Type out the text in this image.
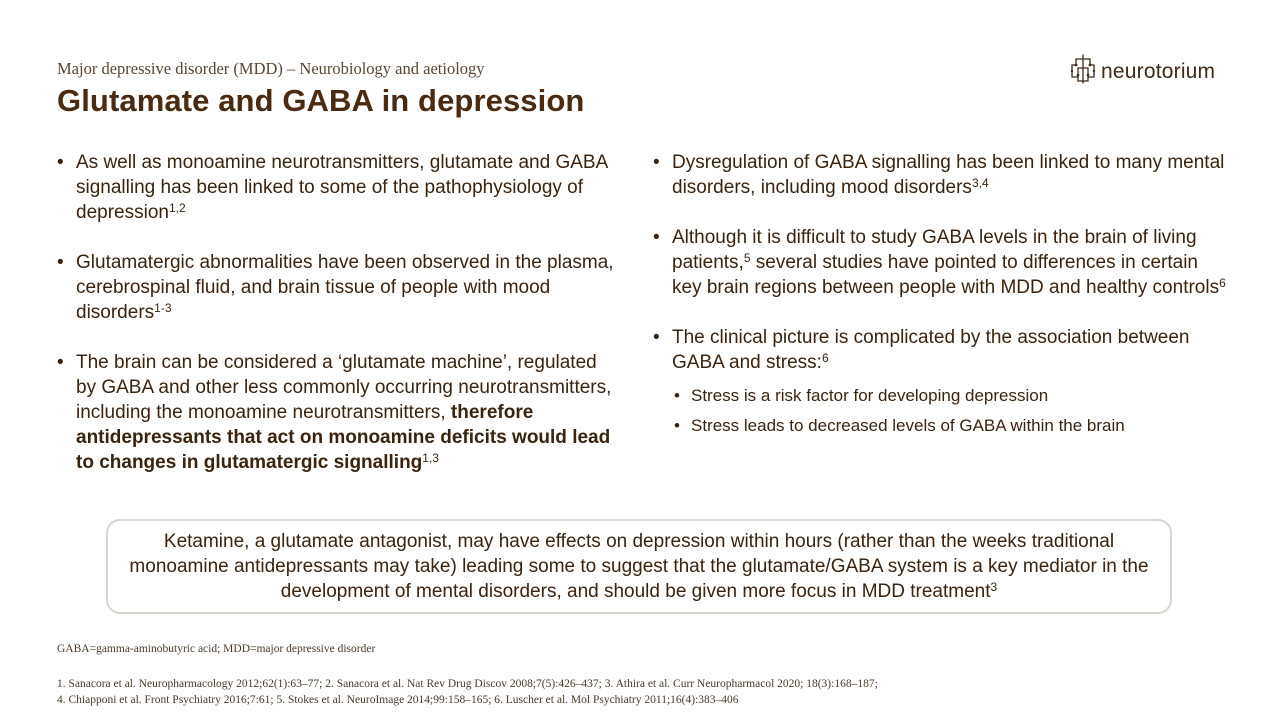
Major depressive disorder (MDD) – Neurobiology and aetiology
Glutamate and GABA in depression
neurotorium
• As well as monoamine neurotransmitters, glutamate and GABA signalling has been linked to some of the pathophysiology of depression$^{1,2}$
• Glutamatergic abnormalities have been observed in the plasma, cerebrospinal fluid, and brain tissue of people with mood disorders$^{1-3}$
• The brain can be considered a ‘glutamate machine’, regulated by GABA and other less commonly occurring neurotransmitters, including the monoamine neurotransmitters, therefore antidepressants that act on monoamine deficits would lead to changes in glutamatergic signalling$^{1,3}$
• Dysregulation of GABA signalling has been linked to many mental disorders, including mood disorders$^{3,4}$
• Although it is difficult to study GABA levels in the brain of living patients,$^5$ several studies have pointed to differences in certain key brain regions between people with MDD and healthy controls$^6$
• The clinical picture is complicated by the association between GABA and stress:$^6$
• Stress is a risk factor for developing depression
• Stress leads to decreased levels of GABA within the brain
Ketamine, a glutamate antagonist, may have effects on depression within hours (rather than the weeks traditional monoamine antidepressants may take) leading some to suggest that the glutamate/GABA system is a key mediator in the development of mental disorders, and should be given more focus in MDD treatment$^3$
GABA=gamma-aminobutyric acid; MDD=major depressive disorder
1. Sanacora et al. Neuropharmacology 2012;62(1):63–77; 2. Sanacora et al. Nat Rev Drug Discov 2008;7(5):426–437; 3. Athira et al. Curr Neuropharmacol 2020; 18(3):168–187;
4. Chiapponi et al. Front Psychiatry 2016;7:61; 5. Stokes et al. NeuroImage 2014;99:158–165; 6. Luscher et al. Mol Psychiatry 2011;16(4):383–406
